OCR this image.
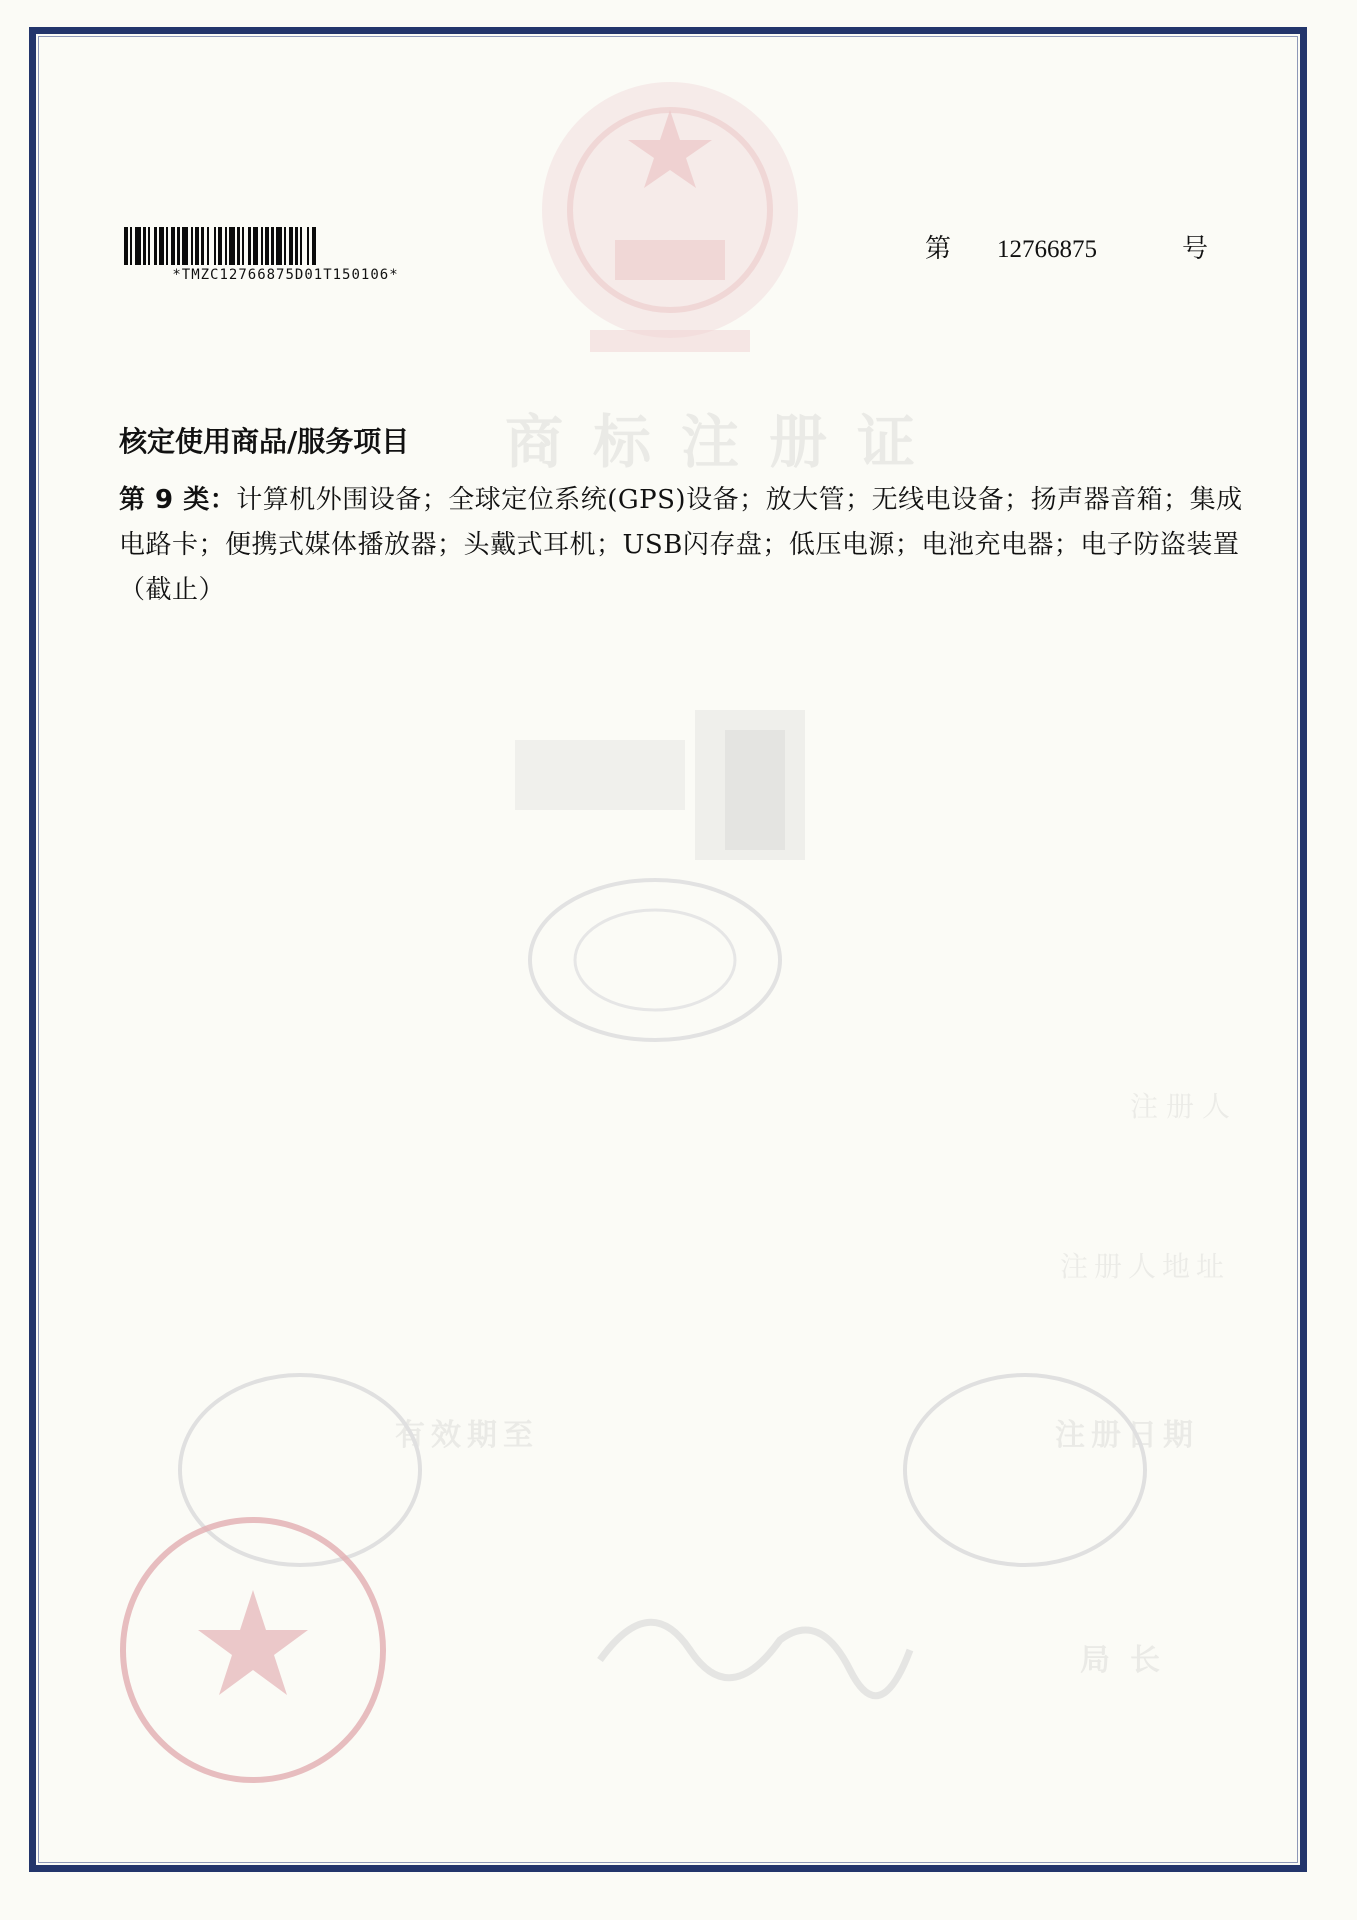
商标注册证
注册人
注册人地址
注册日期
有效期至
局长
*TMZC12766875D01T150106*
第	12766875	号
核定使用商品/服务项目
第 9 类：计算机外围设备；全球定位系统(GPS)设备；放大管；无线电设备；扬声器音箱；集成电路卡；便携式媒体播放器；头戴式耳机；USB闪存盘；低压电源；电池充电器；电子防盗装置（截止）
